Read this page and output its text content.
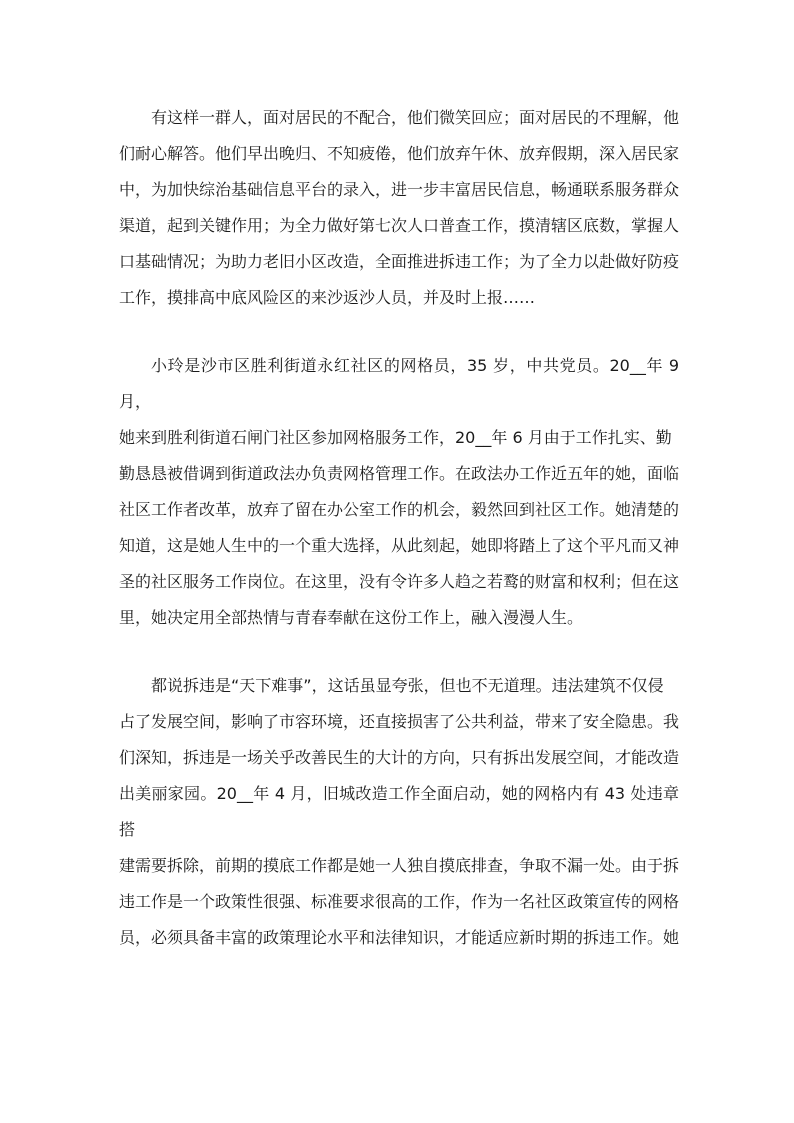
有这样一群人，面对居民的不配合，他们微笑回应；面对居民的不理解，他
们耐心解答。他们早出晚归、不知疲倦，他们放弃午休、放弃假期，深入居民家
中，为加快综治基础信息平台的录入，进一步丰富居民信息，畅通联系服务群众
渠道，起到关键作用；为全力做好第七次人口普查工作，摸清辖区底数，掌握人
口基础情况；为助力老旧小区改造，全面推进拆违工作；为了全力以赴做好防疫
工作，摸排高中底风险区的来沙返沙人员，并及时上报……

小玲是沙市区胜利街道永红社区的网格员，35 岁，中共党员。20__年 9 月，
她来到胜利街道石闸门社区参加网格服务工作，20__年 6 月由于工作扎实、勤
勤恳恳被借调到街道政法办负责网格管理工作。在政法办工作近五年的她，面临
社区工作者改革，放弃了留在办公室工作的机会，毅然回到社区工作。她清楚的
知道，这是她人生中的一个重大选择，从此刻起，她即将踏上了这个平凡而又神
圣的社区服务工作岗位。在这里，没有令许多人趋之若鹜的财富和权利；但在这
里，她决定用全部热情与青春奉献在这份工作上，融入漫漫人生。

都说拆违是“天下难事”，这话虽显夸张，但也不无道理。违法建筑不仅侵
占了发展空间，影响了市容环境，还直接损害了公共利益，带来了安全隐患。我
们深知，拆违是一场关乎改善民生的大计的方向，只有拆出发展空间，才能改造
出美丽家园。20__年 4 月，旧城改造工作全面启动，她的网格内有 43 处违章搭
建需要拆除，前期的摸底工作都是她一人独自摸底排查，争取不漏一处。由于拆
违工作是一个政策性很强、标准要求很高的工作，作为一名社区政策宣传的网格
员，必须具备丰富的政策理论水平和法律知识，才能适应新时期的拆违工作。她
